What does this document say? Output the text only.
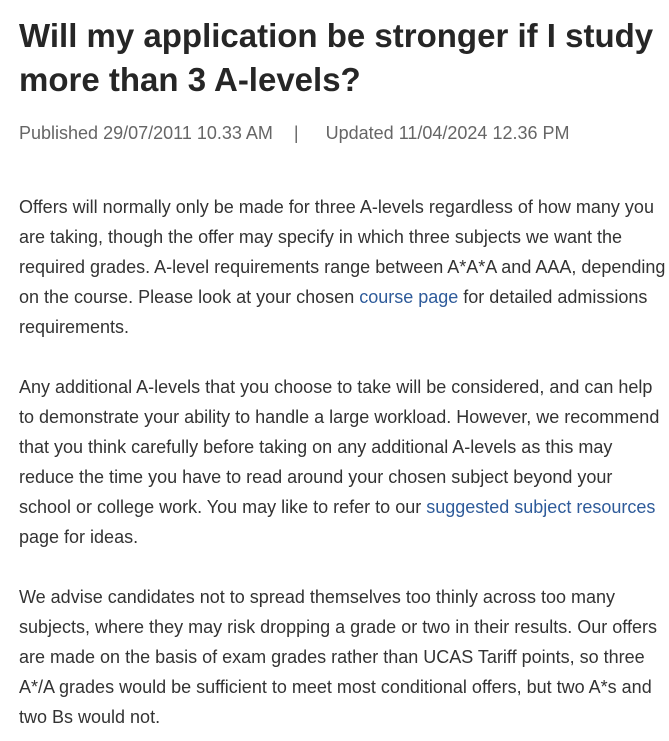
Will my application be stronger if I study more than 3 A-levels?
Published 29/07/2011 10.33 AM | Updated 11/04/2024 12.36 PM

Offers will normally only be made for three A-levels regardless of how many you are taking, though the offer may specify in which three subjects we want the required grades. A-level requirements range between A*A*A and AAA, depending on the course. Please look at your chosen course page for detailed admissions requirements.

Any additional A-levels that you choose to take will be considered, and can help to demonstrate your ability to handle a large workload. However, we recommend that you think carefully before taking on any additional A-levels as this may reduce the time you have to read around your chosen subject beyond your school or college work. You may like to refer to our suggested subject resources page for ideas.

We advise candidates not to spread themselves too thinly across too many subjects, where they may risk dropping a grade or two in their results. Our offers are made on the basis of exam grades rather than UCAS Tariff points, so three A*/A grades would be sufficient to meet most conditional offers, but two A*s and two Bs would not.
